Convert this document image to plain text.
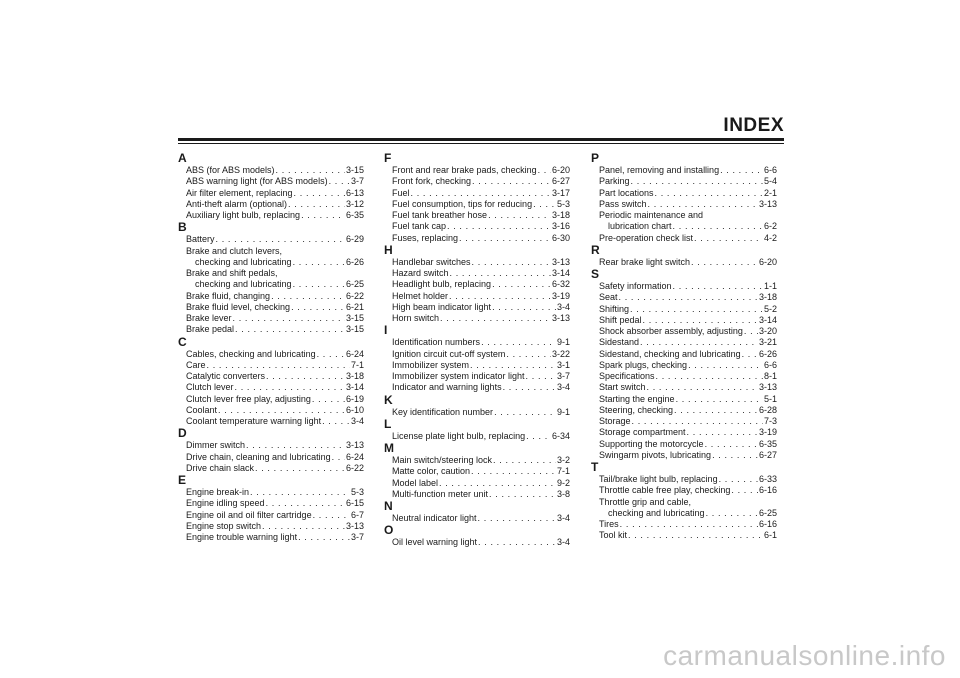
INDEX
A
ABS (for ABS models) . . .	3-15
ABS warning light (for ABS models) . . .	3-7
Air filter element, replacing . . .	6-13
Anti-theft alarm (optional) . . .	3-12
Auxiliary light bulb, replacing . . .	6-35
B
Battery . . .	6-29
Brake and clutch levers,
checking and lubricating . . .	6-26
Brake and shift pedals,
checking and lubricating . . .	6-25
Brake fluid, changing . . .	6-22
Brake fluid level, checking . . .	6-21
Brake lever . . .	3-15
Brake pedal . . .	3-15
C
Cables, checking and lubricating . . .	6-24
Care . . .	7-1
Catalytic converters . . .	3-18
Clutch lever . . .	3-14
Clutch lever free play, adjusting . . .	6-19
Coolant . . .	6-10
Coolant temperature warning light . . .	3-4
D
Dimmer switch . . .	3-13
Drive chain, cleaning and lubricating . . . 6-24
Drive chain slack . . .	6-22
E
Engine break-in . . .	5-3
Engine idling speed . . .	6-15
Engine oil and oil filter cartridge . . .	6-7
Engine stop switch . . .	3-13
Engine trouble warning light . . .	3-7
F
Front and rear brake pads, checking . . . 6-20
Front fork, checking . . .	6-27
Fuel . . .	3-17
Fuel consumption, tips for reducing . . .	5-3
Fuel tank breather hose . . .	3-18
Fuel tank cap . . .	3-16
Fuses, replacing . . .	6-30
H
Handlebar switches . . .	3-13
Hazard switch . . .	3-14
Headlight bulb, replacing . . .	6-32
Helmet holder . . .	3-19
High beam indicator light . . .	3-4
Horn switch . . .	3-13
I
Identification numbers . . .	9-1
Ignition circuit cut-off system . . .	3-22
Immobilizer system . . .	3-1
Immobilizer system indicator light . . .	3-7
Indicator and warning lights . . .	3-4
K
Key identification number . . .	9-1
L
License plate light bulb, replacing . . .	6-34
M
Main switch/steering lock . . .	3-2
Matte color, caution . . .	7-1
Model label . . .	9-2
Multi-function meter unit . . .	3-8
N
Neutral indicator light . . .	3-4
O
Oil level warning light . . .	3-4
P
Panel, removing and installing . . .	6-6
Parking . . .	5-4
Part locations . . .	2-1
Pass switch . . .	3-13
Periodic maintenance and
lubrication chart . . .	6-2
Pre-operation check list . . .	4-2
R
Rear brake light switch . . .	6-20
S
Safety information . . .	1-1
Seat . . .	3-18
Shifting . . .	5-2
Shift pedal . . .	3-14
Shock absorber assembly, adjusting . . . 3-20
Sidestand . . .	3-21
Sidestand, checking and lubricating . . . 6-26
Spark plugs, checking . . .	6-6
Specifications . . .	8-1
Start switch . . .	3-13
Starting the engine . . .	5-1
Steering, checking . . .	6-28
Storage . . .	7-3
Storage compartment . . .	3-19
Supporting the motorcycle . . .	6-35
Swingarm pivots, lubricating . . .	6-27
T
Tail/brake light bulb, replacing . . .	6-33
Throttle cable free play, checking . . .	6-16
Throttle grip and cable,
checking and lubricating . . .	6-25
Tires . . .	6-16
Tool kit . . .	6-1
carmanualsonline.info
